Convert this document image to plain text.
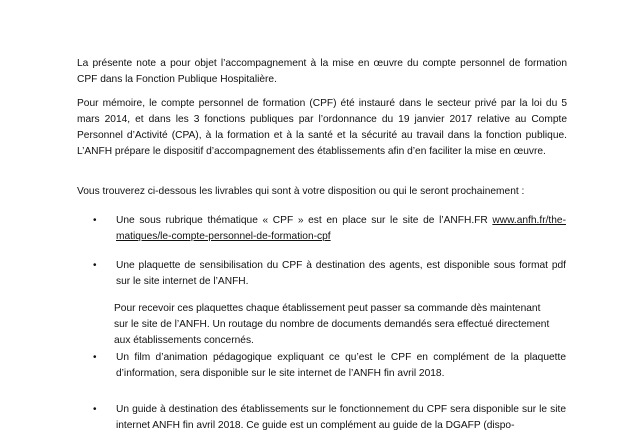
La présente note a pour objet l’accompagnement à la mise en œuvre du compte personnel de formation CPF dans la Fonction Publique Hospitalière.
Pour mémoire, le compte personnel de formation (CPF) été instauré dans le secteur privé par la loi du 5 mars 2014, et dans les 3 fonctions publiques par l’ordonnance du 19 janvier 2017 relative au Compte Personnel d’Activité (CPA), à la formation et à la santé et la sécurité au travail dans la fonction publique. L’ANFH prépare le dispositif d’accompagnement des établissements afin d’en faciliter la mise en œuvre.
Vous trouverez ci-dessous les livrables qui sont à votre disposition ou qui le seront prochainement :
• Une sous rubrique thématique « CPF » est en place sur le site de l’ANFH.FR www.anfh.fr/the-matiques/le-compte-personnel-de-formation-cpf
• Une plaquette de sensibilisation du CPF à destination des agents, est disponible sous format pdf sur le site internet de l’ANFH.
Pour recevoir ces plaquettes chaque établissement peut passer sa commande dès maintenant sur le site de l’ANFH. Un routage du nombre de documents demandés sera effectué directement aux établissements concernés.
• Un film d’animation pédagogique expliquant ce qu’est le CPF en complément de la plaquette d’information, sera disponible sur le site internet de l’ANFH fin avril 2018.
• Un guide à destination des établissements sur le fonctionnement du CPF sera disponible sur le site internet ANFH fin avril 2018. Ce guide est un complément au guide de la DGAFP (dispo-
